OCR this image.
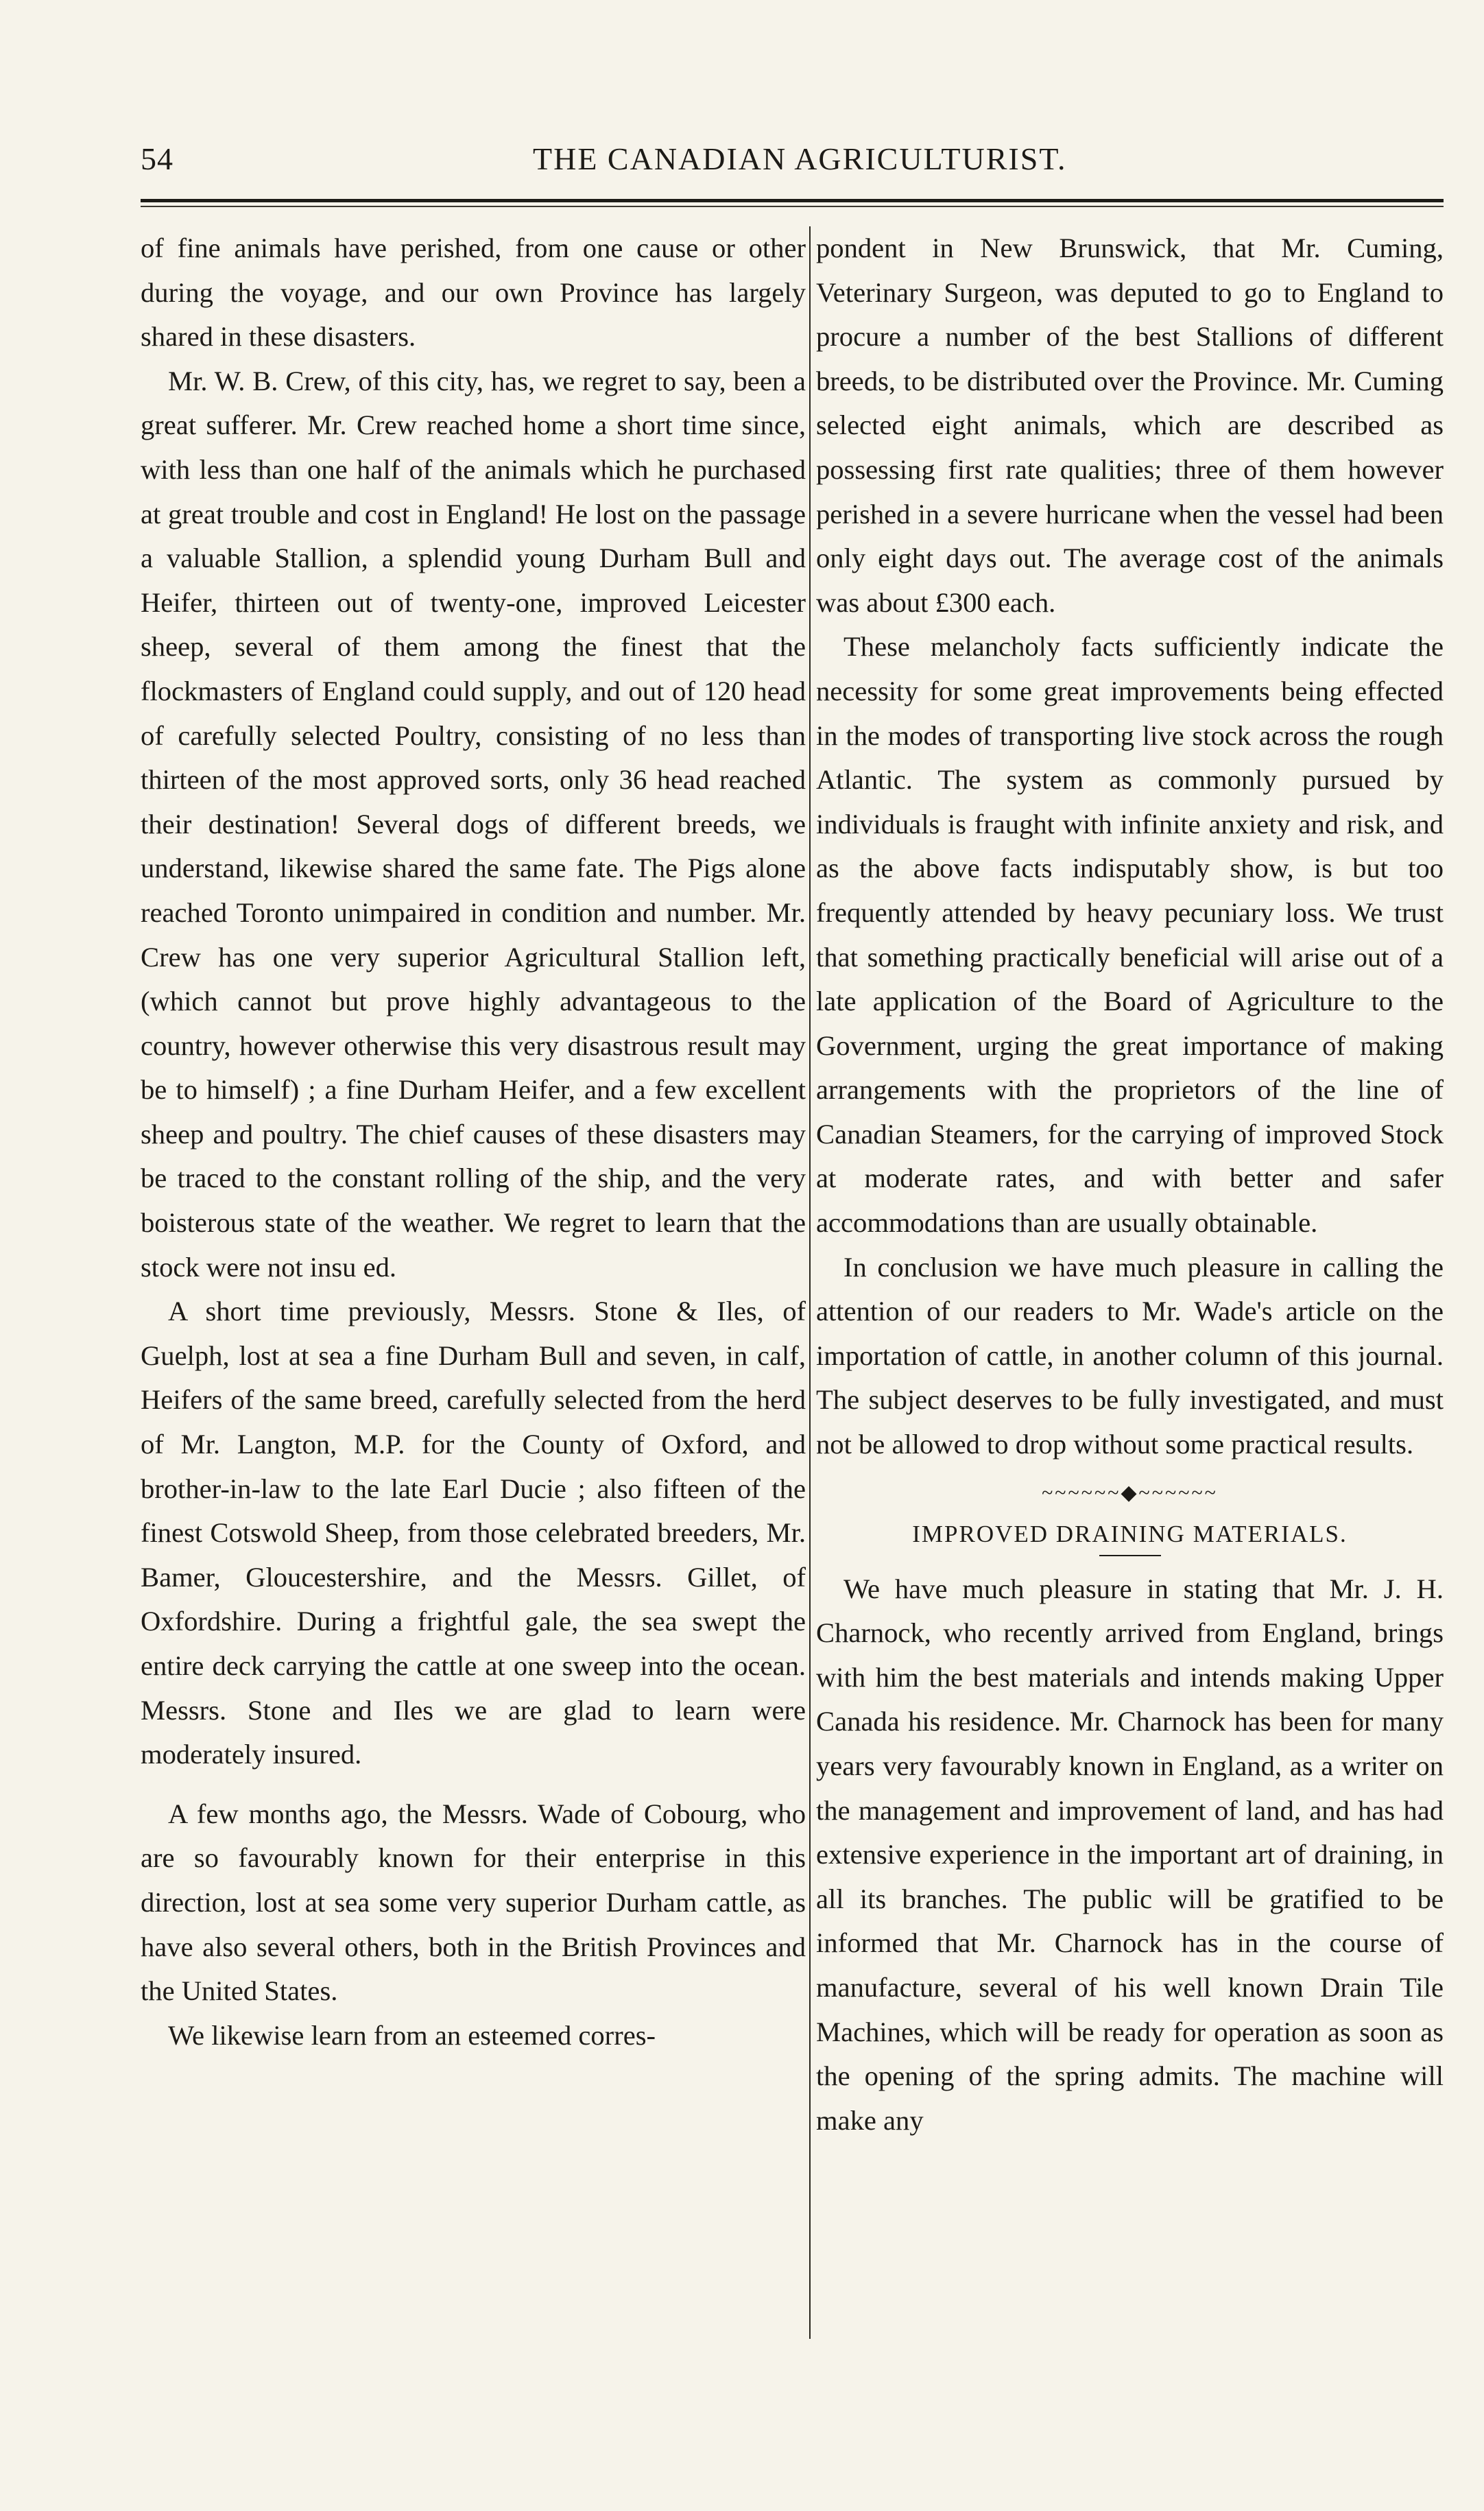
54	THE CANADIAN AGRICULTURIST.

of fine animals have perished, from one cause or other during the voyage, and our own Province has largely shared in these disasters.

Mr. W. B. Crew, of this city, has, we regret to say, been a great sufferer. Mr. Crew reached home a short time since, with less than one half of the animals which he purchased at great trouble and cost in England! He lost on the passage a valuable Stallion, a splendid young Durham Bull and Heifer, thirteen out of twenty-one, improved Leicester sheep, several of them among the finest that the flockmasters of England could supply, and out of 120 head of carefully selected Poultry, consisting of no less than thirteen of the most approved sorts, only 36 head reached their destination! Several dogs of different breeds, we understand, likewise shared the same fate. The Pigs alone reached Toronto unimpaired in condition and number. Mr. Crew has one very superior Agricultural Stallion left, (which cannot but prove highly advantageous to the country, however otherwise this very disastrous result may be to himself) ; a fine Durham Heifer, and a few excellent sheep and poultry. The chief causes of these disasters may be traced to the constant rolling of the ship, and the very boisterous state of the weather. We regret to learn that the stock were not insu ed.

A short time previously, Messrs. Stone & Iles, of Guelph, lost at sea a fine Durham Bull and seven, in calf, Heifers of the same breed, carefully selected from the herd of Mr. Langton, M.P. for the County of Oxford, and brother-in-law to the late Earl Ducie ; also fifteen of the finest Cotswold Sheep, from those celebrated breeders, Mr. Bamer, Gloucestershire, and the Messrs. Gillet, of Oxfordshire. During a frightful gale, the sea swept the entire deck carrying the cattle at one sweep into the ocean. Messrs. Stone and Iles we are glad to learn were moderately insured.

A few months ago, the Messrs. Wade of Cobourg, who are so favourably known for their enterprise in this direction, lost at sea some very superior Durham cattle, as have also several others, both in the British Provinces and the United States.

We likewise learn from an esteemed corres-

pondent in New Brunswick, that Mr. Cuming, Veterinary Surgeon, was deputed to go to England to procure a number of the best Stallions of different breeds, to be distributed over the Province. Mr. Cuming selected eight animals, which are described as possessing first rate qualities; three of them however perished in a severe hurricane when the vessel had been only eight days out. The average cost of the animals was about £300 each.

These melancholy facts sufficiently indicate the necessity for some great improvements being effected in the modes of transporting live stock across the rough Atlantic. The system as commonly pursued by individuals is fraught with infinite anxiety and risk, and as the above facts indisputably show, is but too frequently attended by heavy pecuniary loss. We trust that something practically beneficial will arise out of a late application of the Board of Agriculture to the Government, urging the great importance of making arrangements with the proprietors of the line of Canadian Steamers, for the carrying of improved Stock at moderate rates, and with better and safer accommodations than are usually obtainable.

In conclusion we have much pleasure in calling the attention of our readers to Mr. Wade's article on the importation of cattle, in another column of this journal. The subject deserves to be fully investigated, and must not be allowed to drop without some practical results.

~~~~~~◆~~~~~~
IMPROVED DRAINING MATERIALS.

We have much pleasure in stating that Mr. J. H. Charnock, who recently arrived from England, brings with him the best materials and intends making Upper Canada his residence. Mr. Charnock has been for many years very favourably known in England, as a writer on the management and improvement of land, and has had extensive experience in the important art of draining, in all its branches. The public will be gratified to be informed that Mr. Charnock has in the course of manufacture, several of his well known Drain Tile Machines, which will be ready for operation as soon as the opening of the spring admits. The machine will make any
